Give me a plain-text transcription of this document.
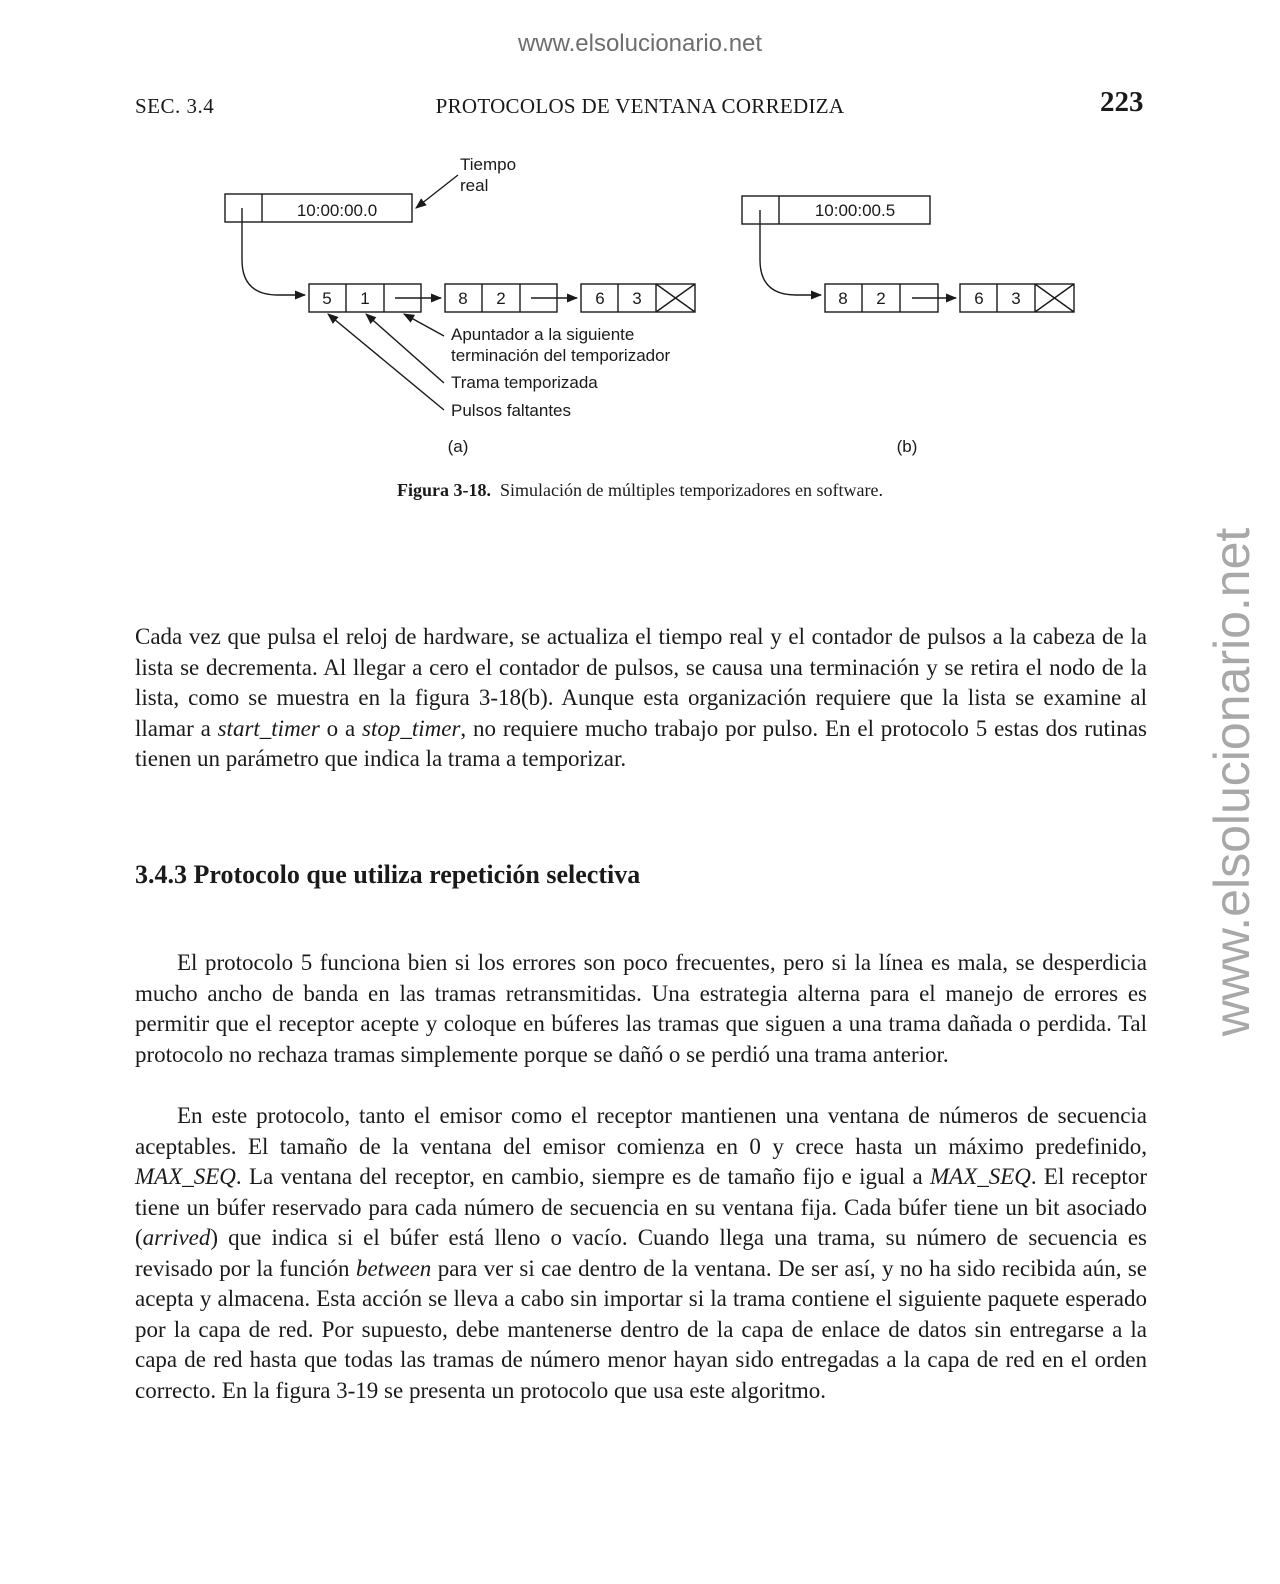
www.elsolucionario.net
www.elsolucionario.net
SEC. 3.4	PROTOCOLOS DE VENTANA CORREDIZA	223
10:00:00.0
Tiempo
real
5 1	8 2	6 3
Apuntador a la siguiente
terminación del temporizador
Trama temporizada
Pulsos faltantes
(a)
10:00:00.5
8 2	6 3
(b)
Figura 3-18. Simulación de múltiples temporizadores en software.

Cada vez que pulsa el reloj de hardware, se actualiza el tiempo real y el contador de pulsos a la cabeza de la lista se decrementa. Al llegar a cero el contador de pulsos, se causa una terminación y se retira el nodo de la lista, como se muestra en la figura 3-18(b). Aunque esta organización requiere que la lista se examine al llamar a start_timer o a stop_timer, no requiere mucho trabajo por pulso. En el protocolo 5 estas dos rutinas tienen un parámetro que indica la trama a temporizar.

3.4.3 Protocolo que utiliza repetición selectiva

El protocolo 5 funciona bien si los errores son poco frecuentes, pero si la línea es mala, se desperdicia mucho ancho de banda en las tramas retransmitidas. Una estrategia alterna para el manejo de errores es permitir que el receptor acepte y coloque en búferes las tramas que siguen a una trama dañada o perdida. Tal protocolo no rechaza tramas simplemente porque se dañó o se perdió una trama anterior.

En este protocolo, tanto el emisor como el receptor mantienen una ventana de números de secuencia aceptables. El tamaño de la ventana del emisor comienza en 0 y crece hasta un máximo predefinido, MAX_SEQ. La ventana del receptor, en cambio, siempre es de tamaño fijo e igual a MAX_SEQ. El receptor tiene un búfer reservado para cada número de secuencia en su ventana fija. Cada búfer tiene un bit asociado (arrived) que indica si el búfer está lleno o vacío. Cuando llega una trama, su número de secuencia es revisado por la función between para ver si cae dentro de la ventana. De ser así, y no ha sido recibida aún, se acepta y almacena. Esta acción se lleva a cabo sin importar si la trama contiene el siguiente paquete esperado por la capa de red. Por supuesto, debe mantenerse dentro de la capa de enlace de datos sin entregarse a la capa de red hasta que todas las tramas de número menor hayan sido entregadas a la capa de red en el orden correcto. En la figura 3-19 se presenta un protocolo que usa este algoritmo.
